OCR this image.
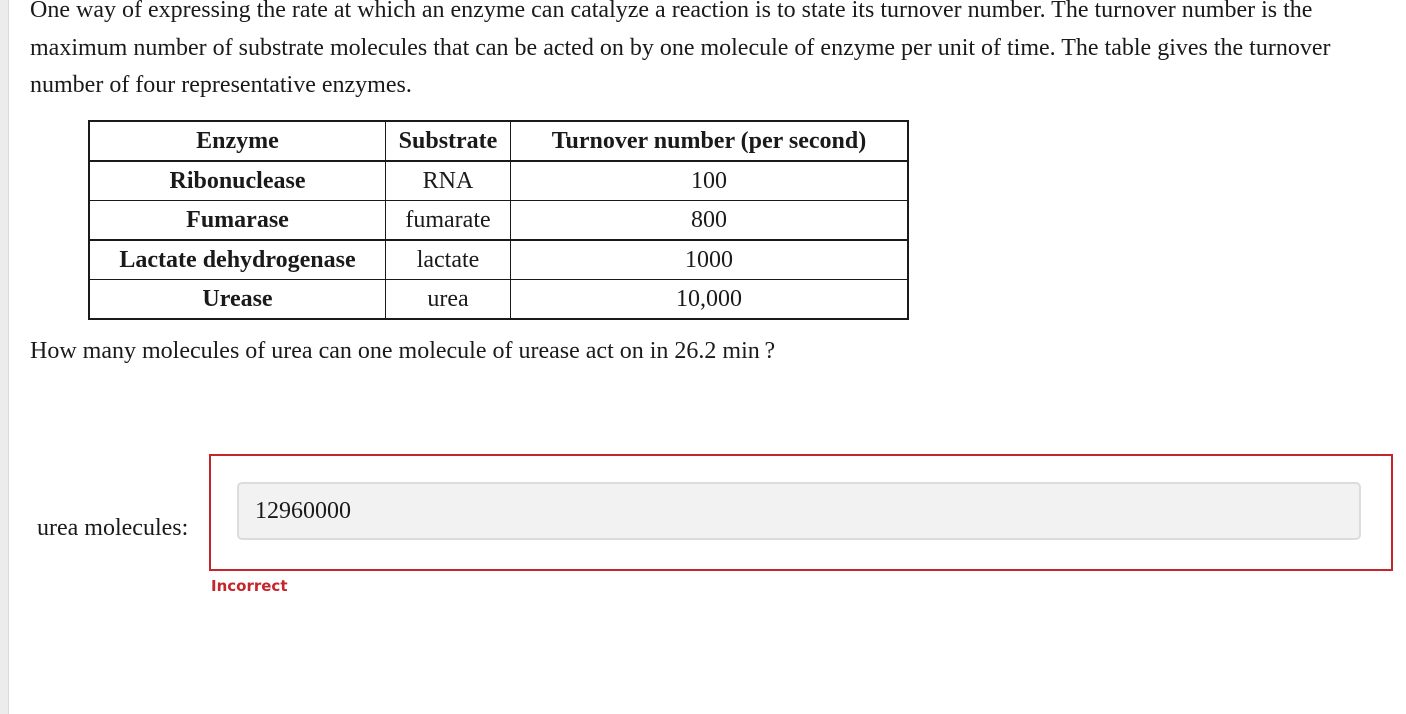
One way of expressing the rate at which an enzyme can catalyze a reaction is to state its turnover number. The turnover number is the maximum number of substrate molecules that can be acted on by one molecule of enzyme per unit of time. The table gives the turnover number of four representative enzymes.

Enzyme	Substrate	Turnover number (per second)
Ribonuclease	RNA	100
Fumarase	fumarate	800
Lactate dehydrogenase	lactate	1000
Urease	urea	10,000

How many molecules of urea can one molecule of urease act on in 26.2 min ?

urea molecules:
12960000
Incorrect
